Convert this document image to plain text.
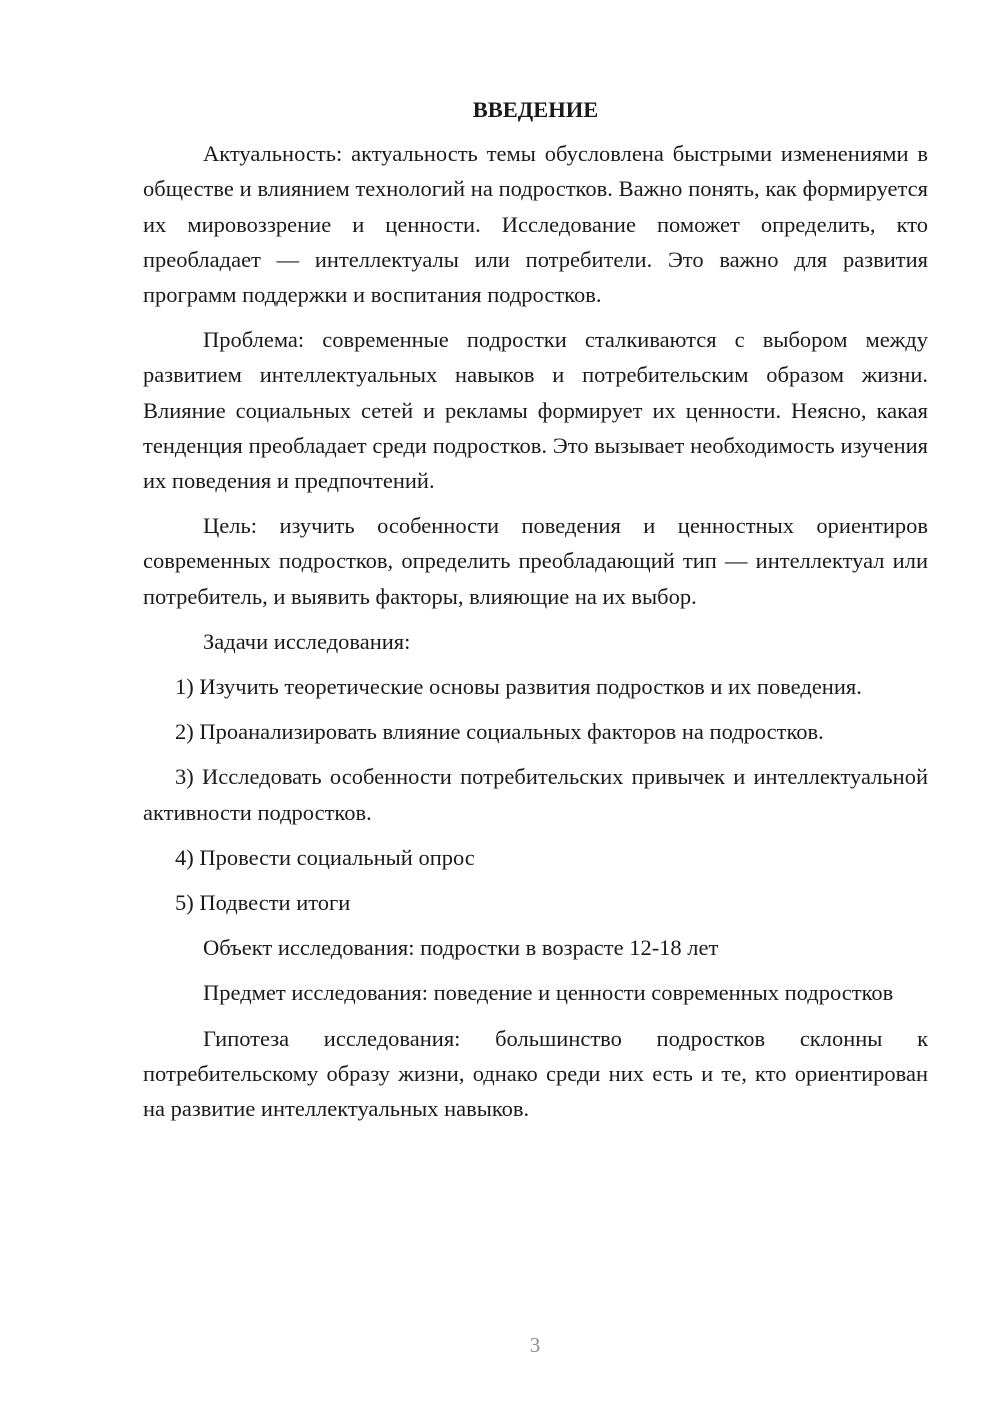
ВВЕДЕНИЕ

Актуальность: актуальность темы обусловлена быстрыми изменениями в обществе и влиянием технологий на подростков. Важно понять, как формируется их мировоззрение и ценности. Исследование поможет определить, кто преобладает — интеллектуалы или потребители. Это важно для развития программ поддержки и воспитания подростков.

Проблема: современные подростки сталкиваются с выбором между развитием интеллектуальных навыков и потребительским образом жизни. Влияние социальных сетей и рекламы формирует их ценности. Неясно, какая тенденция преобладает среди подростков. Это вызывает необходимость изучения их поведения и предпочтений.

Цель: изучить особенности поведения и ценностных ориентиров современных подростков, определить преобладающий тип — интеллектуал или потребитель, и выявить факторы, влияющие на их выбор.

Задачи исследования:

1) Изучить теоретические основы развития подростков и их поведения.

2) Проанализировать влияние социальных факторов на подростков.

3) Исследовать особенности потребительских привычек и интеллектуальной активности подростков.

4) Провести социальный опрос

5) Подвести итоги

Объект исследования: подростки в возрасте 12-18 лет

Предмет исследования: поведение и ценности современных подростков

Гипотеза исследования: большинство подростков склонны к потребительскому образу жизни, однако среди них есть и те, кто ориентирован на развитие интеллектуальных навыков.

3
